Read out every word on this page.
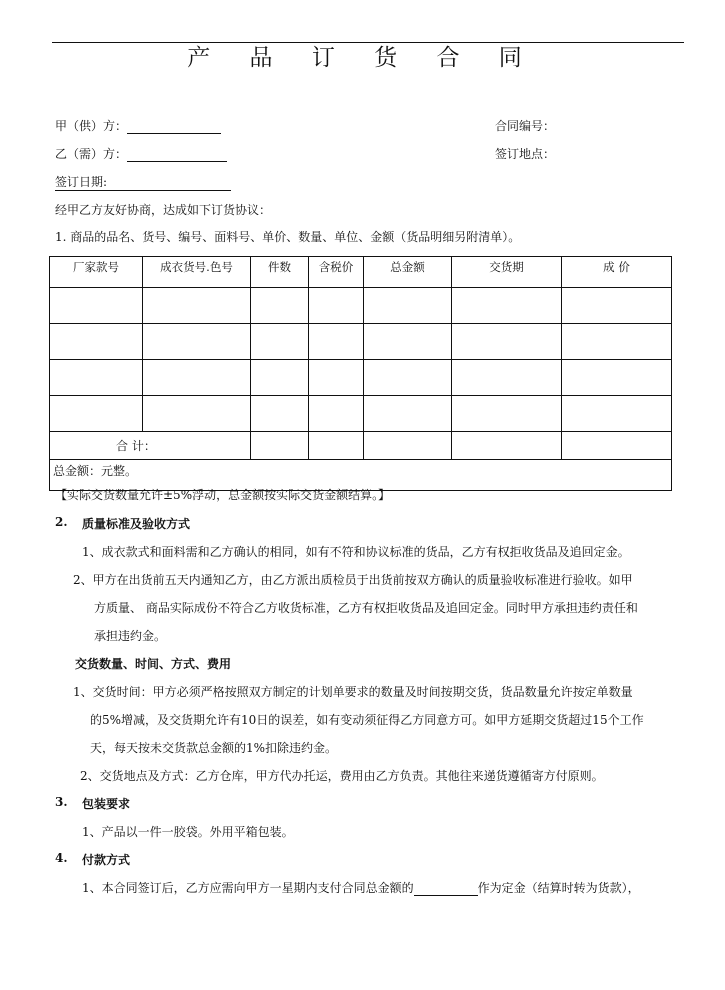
产 品 订 货 合 同
甲（供）方：	合同编号：
乙（需）方：	签订地点：
签订日期:
经甲乙方友好协商，达成如下订货协议：
1. 商品的品名、货号、编号、面料号、单价、数量、单位、金额（货品明细另附清单）。
厂家款号	成衣货号.色号	件数	含税价	总金额	交货期	成 价

合 计：						
总金额：元整。						
【实际交货数量允许±5%浮动，总金额按实际交货金额结算。】
2. 质量标准及验收方式
1、成衣款式和面料需和乙方确认的相同，如有不符和协议标准的货品，乙方有权拒收货品及追回定金。
2、甲方在出货前五天内通知乙方，由乙方派出质检员于出货前按双方确认的质量验收标准进行验收。如甲
方质量、 商品实际成份不符合乙方收货标准，乙方有权拒收货品及追回定金。同时甲方承担违约责任和
承担违约金。
交货数量、时间、方式、费用
1、交货时间：甲方必须严格按照双方制定的计划单要求的数量及时间按期交货，货品数量允许按定单数量
的5%增减，及交货期允许有10日的误差，如有变动须征得乙方同意方可。如甲方延期交货超过15个工作
天，每天按未交货款总金额的1%扣除违约金。
2、交货地点及方式：乙方仓库，甲方代办托运，费用由乙方负责。其他往来递货遵循寄方付原则。
3. 包装要求
1、产品以一件一胶袋。外用平箱包装。
4. 付款方式
1、本合同签订后，乙方应需向甲方一星期内支付合同总金额的	作为定金（结算时转为货款），
